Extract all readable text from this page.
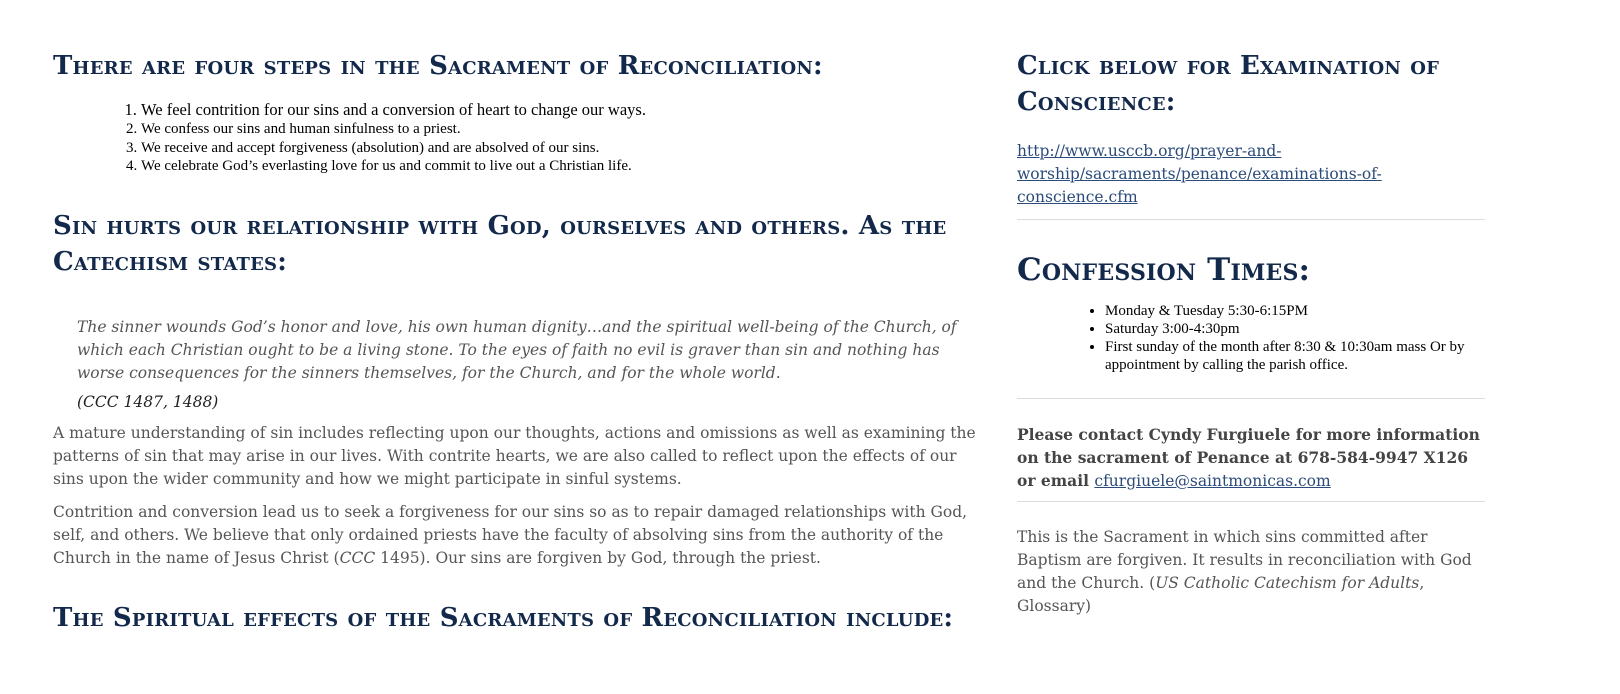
There are four steps in the Sacrament of Reconciliation:
1. We feel contrition for our sins and a conversion of heart to change our ways.
2. We confess our sins and human sinfulness to a priest.
3. We receive and accept forgiveness (absolution) and are absolved of our sins.
4. We celebrate God’s everlasting love for us and commit to live out a Christian life.
Sin hurts our relationship with God, ourselves and others. As the Catechism states:

The sinner wounds God’s honor and love, his own human dignity…and the spiritual well-being of the Church, of which each Christian ought to be a living stone. To the eyes of faith no evil is graver than sin and nothing has worse consequences for the sinners themselves, for the Church, and for the whole world.

(CCC 1487, 1488)

A mature understanding of sin includes reflecting upon our thoughts, actions and omissions as well as examining the patterns of sin that may arise in our lives. With contrite hearts, we are also called to reflect upon the effects of our sins upon the wider community and how we might participate in sinful systems.

Contrition and conversion lead us to seek a forgiveness for our sins so as to repair damaged relationships with God, self, and others. We believe that only ordained priests have the faculty of absolving sins from the authority of the Church in the name of Jesus Christ (CCC 1495). Our sins are forgiven by God, through the priest.

The Spiritual effects of the Sacraments of Reconciliation include:
Click below for Examination of Conscience:
http://www.usccb.org/prayer-and-
worship/sacraments/penance/examinations-of-conscience.cfm
Confession Times:
• Monday & Tuesday 5:30-6:15PM
• Saturday 3:00-4:30pm
• First sunday of the month after 8:30 & 10:30am mass Or by appointment by calling the parish office.

Please contact Cyndy Furgiuele for more information on the sacrament of Penance at 678-584-9947 X126 or email cfurgiuele@saintmonicas.com

This is the Sacrament in which sins committed after Baptism are forgiven. It results in reconciliation with God and the Church. (US Catholic Catechism for Adults, Glossary)
